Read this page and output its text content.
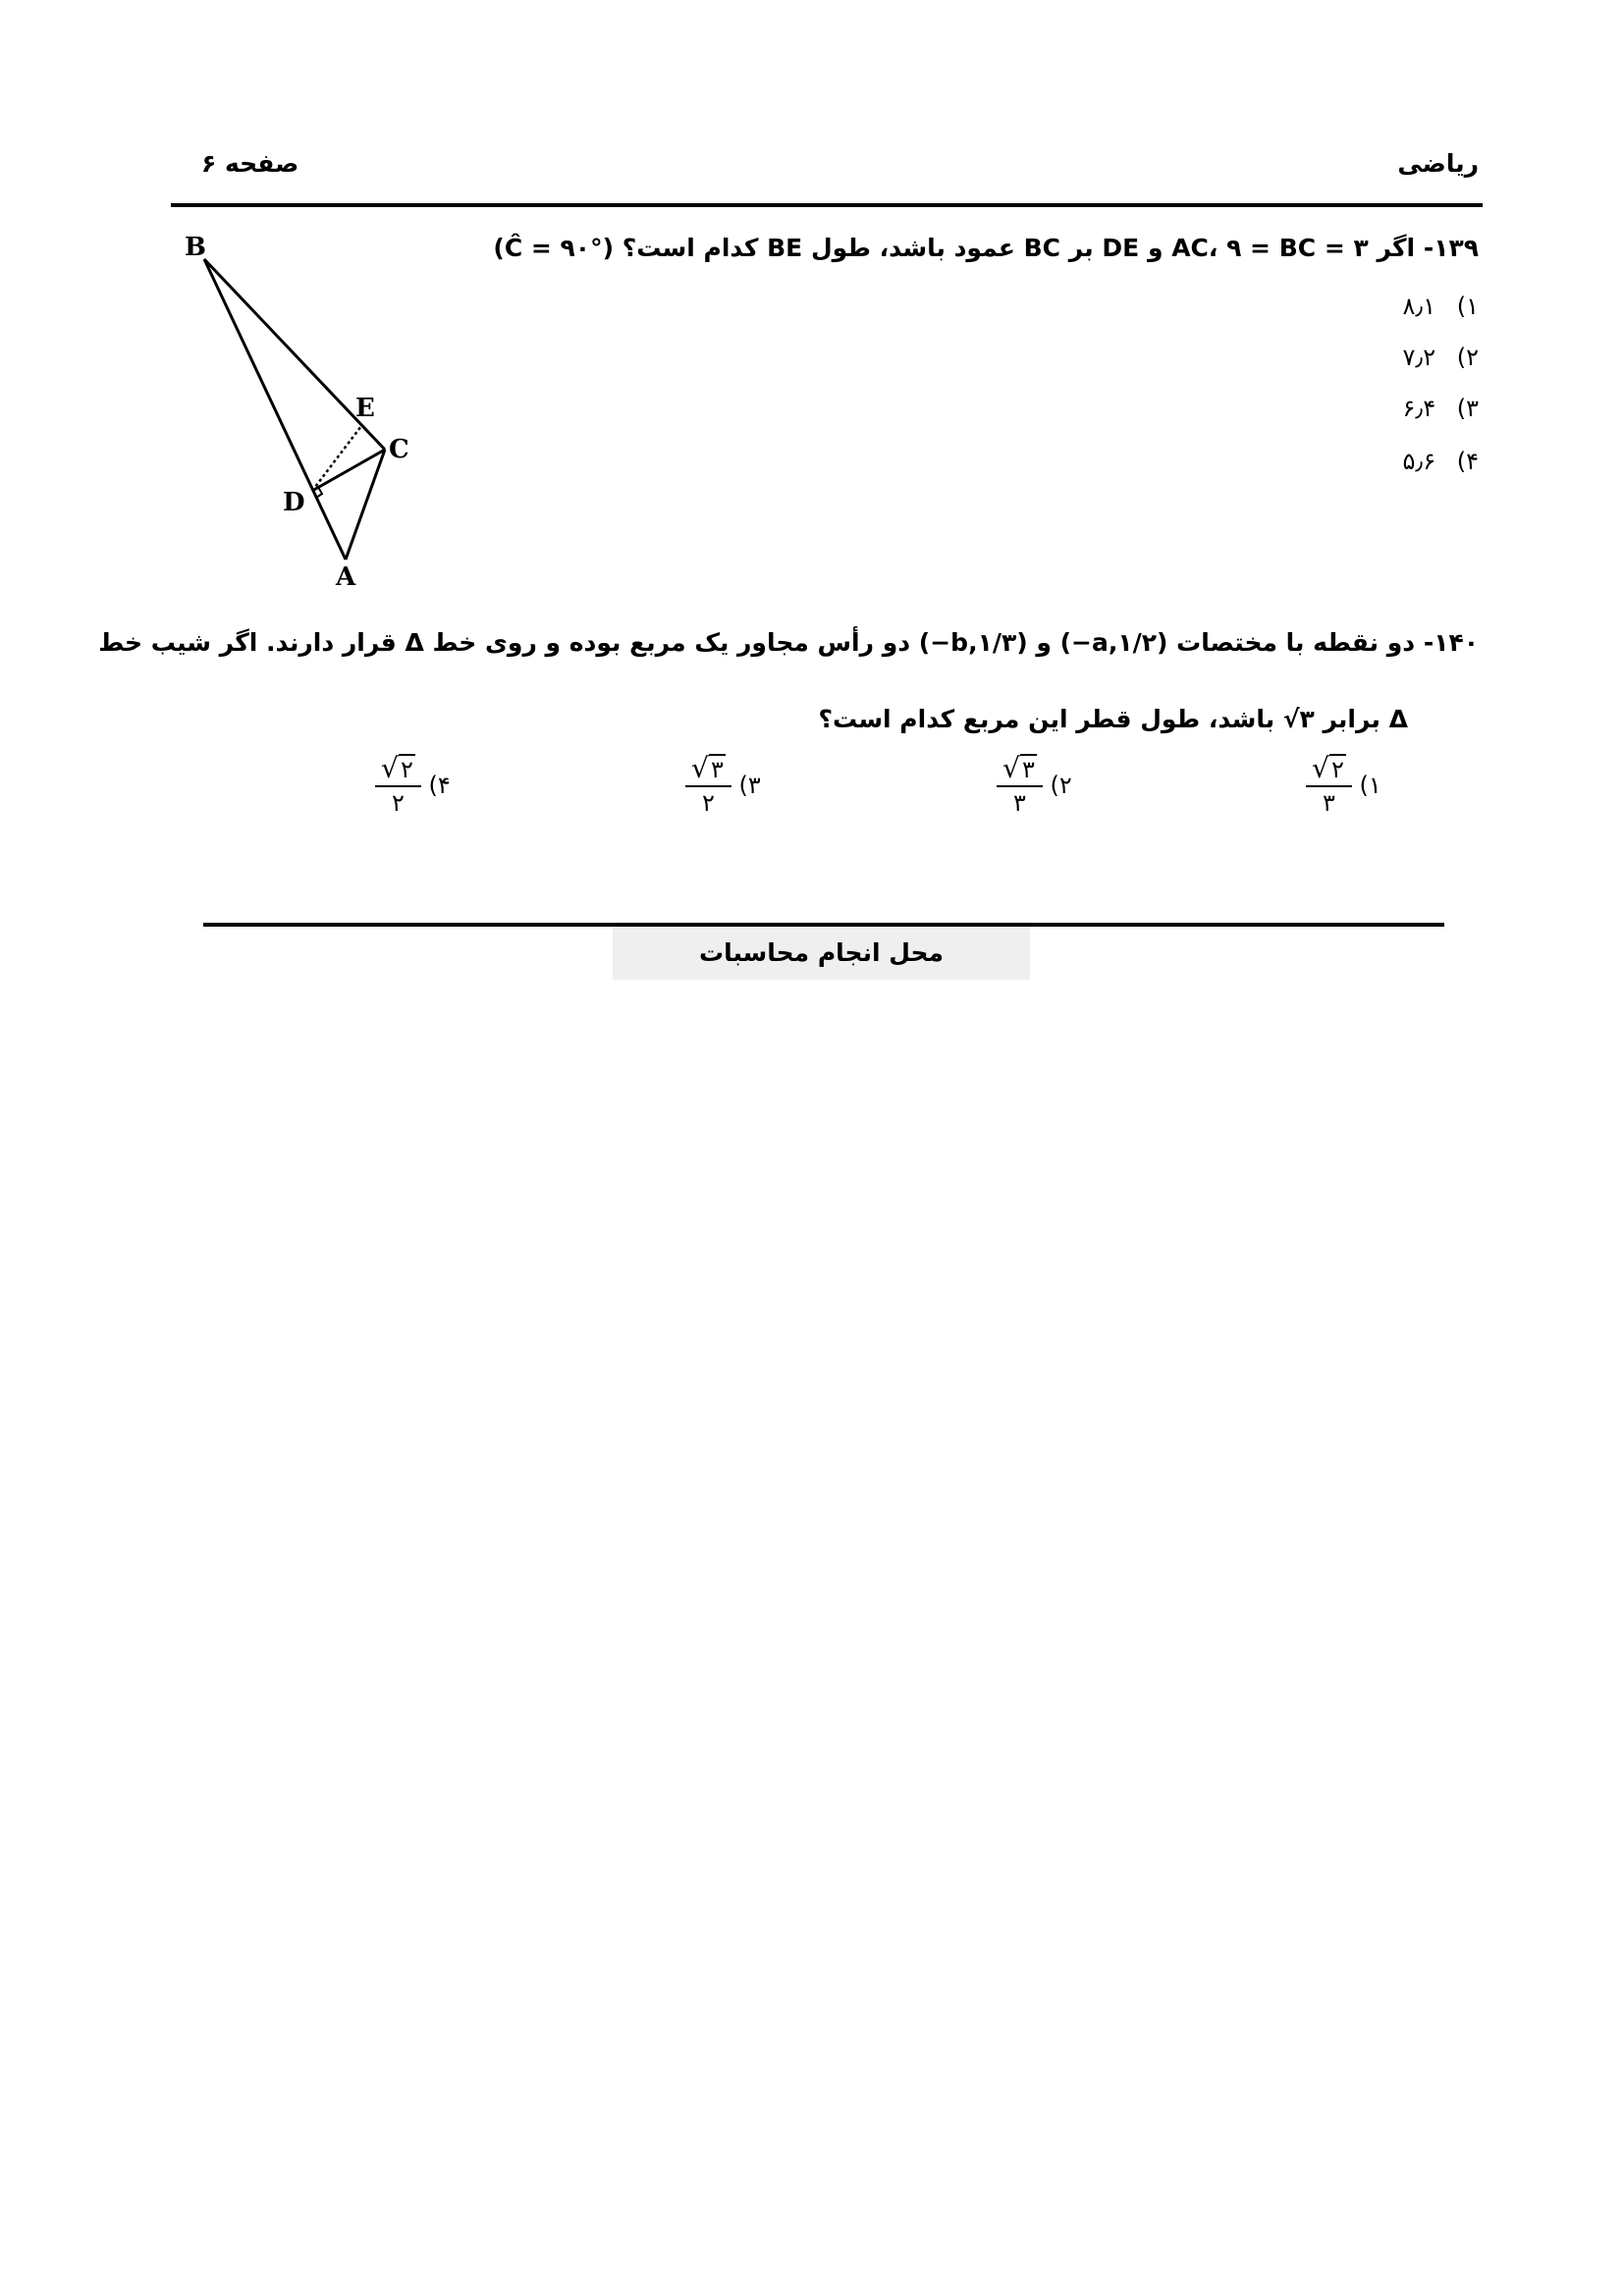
ریاضی
صفحه ۶
۱۳۹- اگر ۳ = AC، ۹ = BC و DE بر BC عمود باشد، طول BE کدام است؟ (Ĉ = ۹۰°)
۱) ۸٫۱
۲) ۷٫۲
۳) ۶٫۴
۴) ۵٫۶
B
E
C
D
A
۱۴۰- دو نقطه با مختصات (a,۱/۲−) و (b,۱/۳−) دو رأس مجاور یک مربع بوده و روی خط Δ قرار دارند. اگر شیب خط
Δ برابر ۳√ باشد، طول قطر این مربع کدام است؟
۱)
$\frac{√ ۲}{۳}$
۲)
$\frac{√ ۳}{۳}$
۳)
$\frac{√ ۳}{۲}$
۴)
$\frac{√ ۲}{۲}$
محل انجام محاسبات
